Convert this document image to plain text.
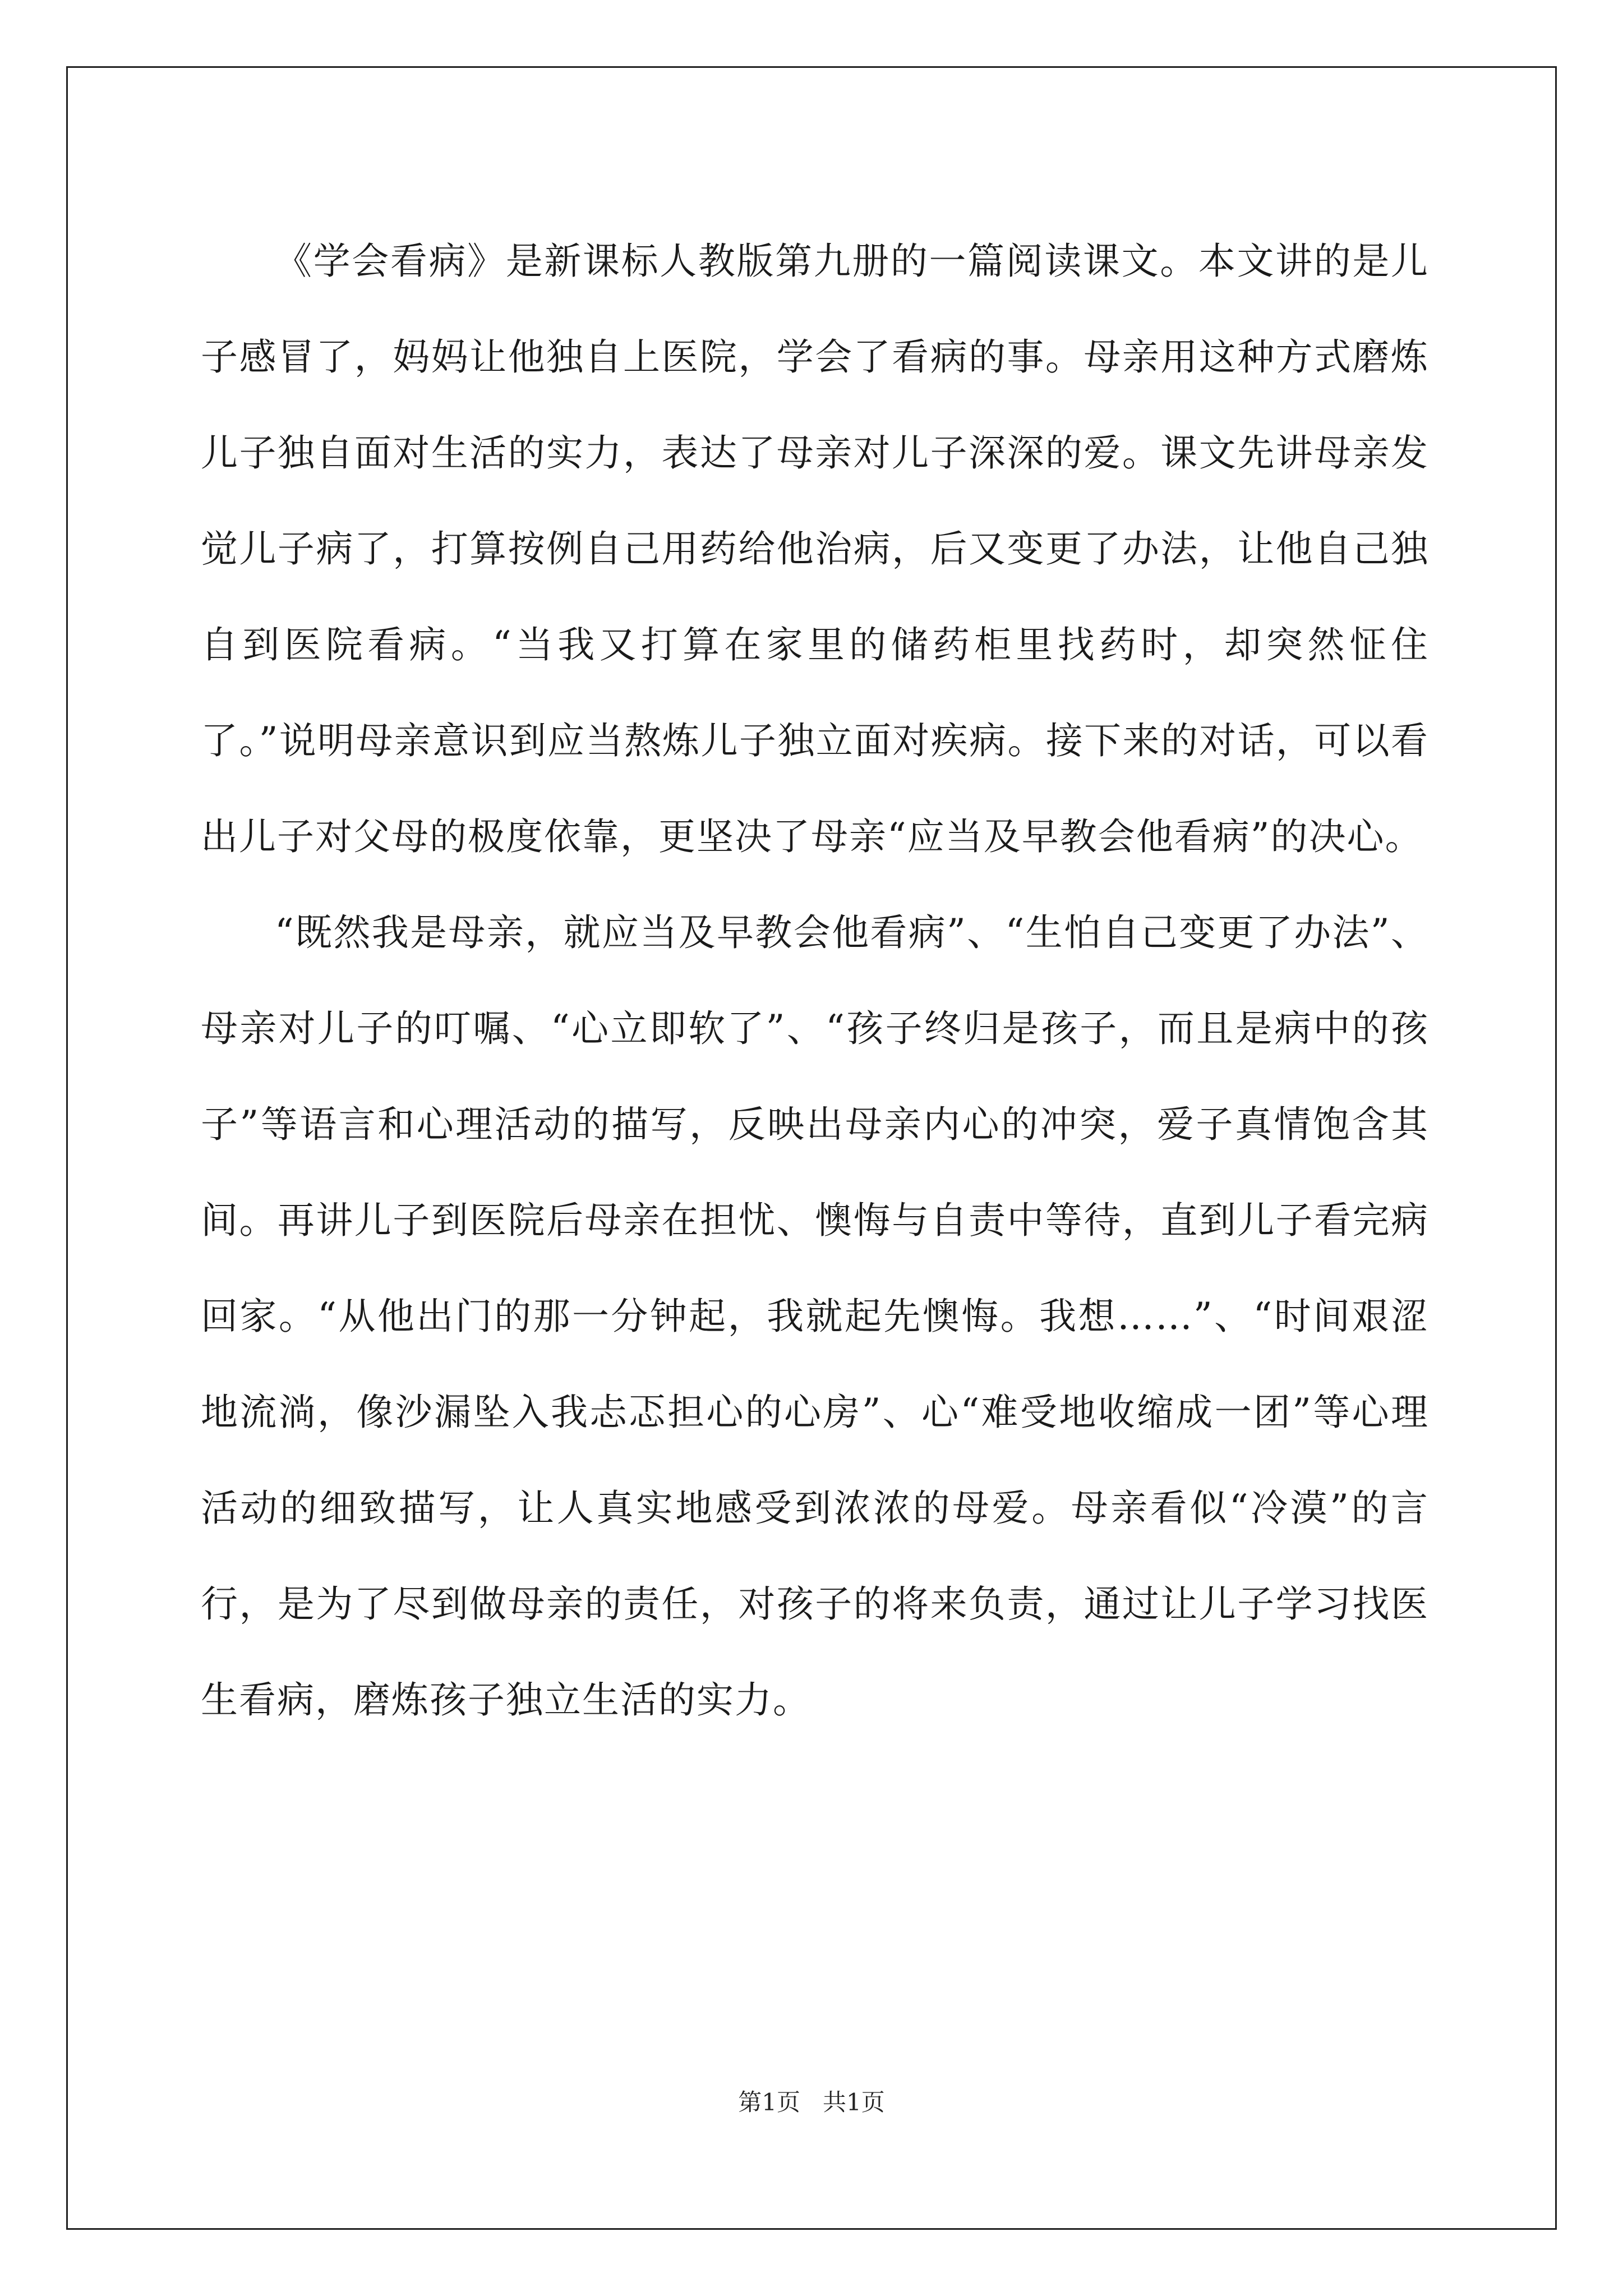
《学会看病》是新课标人教版第九册的一篇阅读课文。本文讲的是儿子感冒了，妈妈让他独自上医院，学会了看病的事。母亲用这种方式磨炼儿子独自面对生活的实力，表达了母亲对儿子深深的爱。课文先讲母亲发觉儿子病了，打算按例自己用药给他治病，后又变更了办法，让他自己独自到医院看病。“当我又打算在家里的储药柜里找药时，却突然怔住了。”说明母亲意识到应当熬炼儿子独立面对疾病。接下来的对话，可以看出儿子对父母的极度依靠，更坚决了母亲“应当及早教会他看病”的决心。

“既然我是母亲，就应当及早教会他看病”、“生怕自己变更了办法”、母亲对儿子的叮嘱、“心立即软了”、“孩子终归是孩子，而且是病中的孩子”等语言和心理活动的描写，反映出母亲内心的冲突，爱子真情饱含其间。再讲儿子到医院后母亲在担忧、懊悔与自责中等待，直到儿子看完病回家。“从他出门的那一分钟起，我就起先懊悔。我想……”、“时间艰涩地流淌，像沙漏坠入我忐忑担心的心房”、心“难受地收缩成一团”等心理活动的细致描写，让人真实地感受到浓浓的母爱。母亲看似“冷漠”的言行，是为了尽到做母亲的责任，对孩子的将来负责，通过让儿子学习找医生看病，磨炼孩子独立生活的实力。

第1页   共1页
